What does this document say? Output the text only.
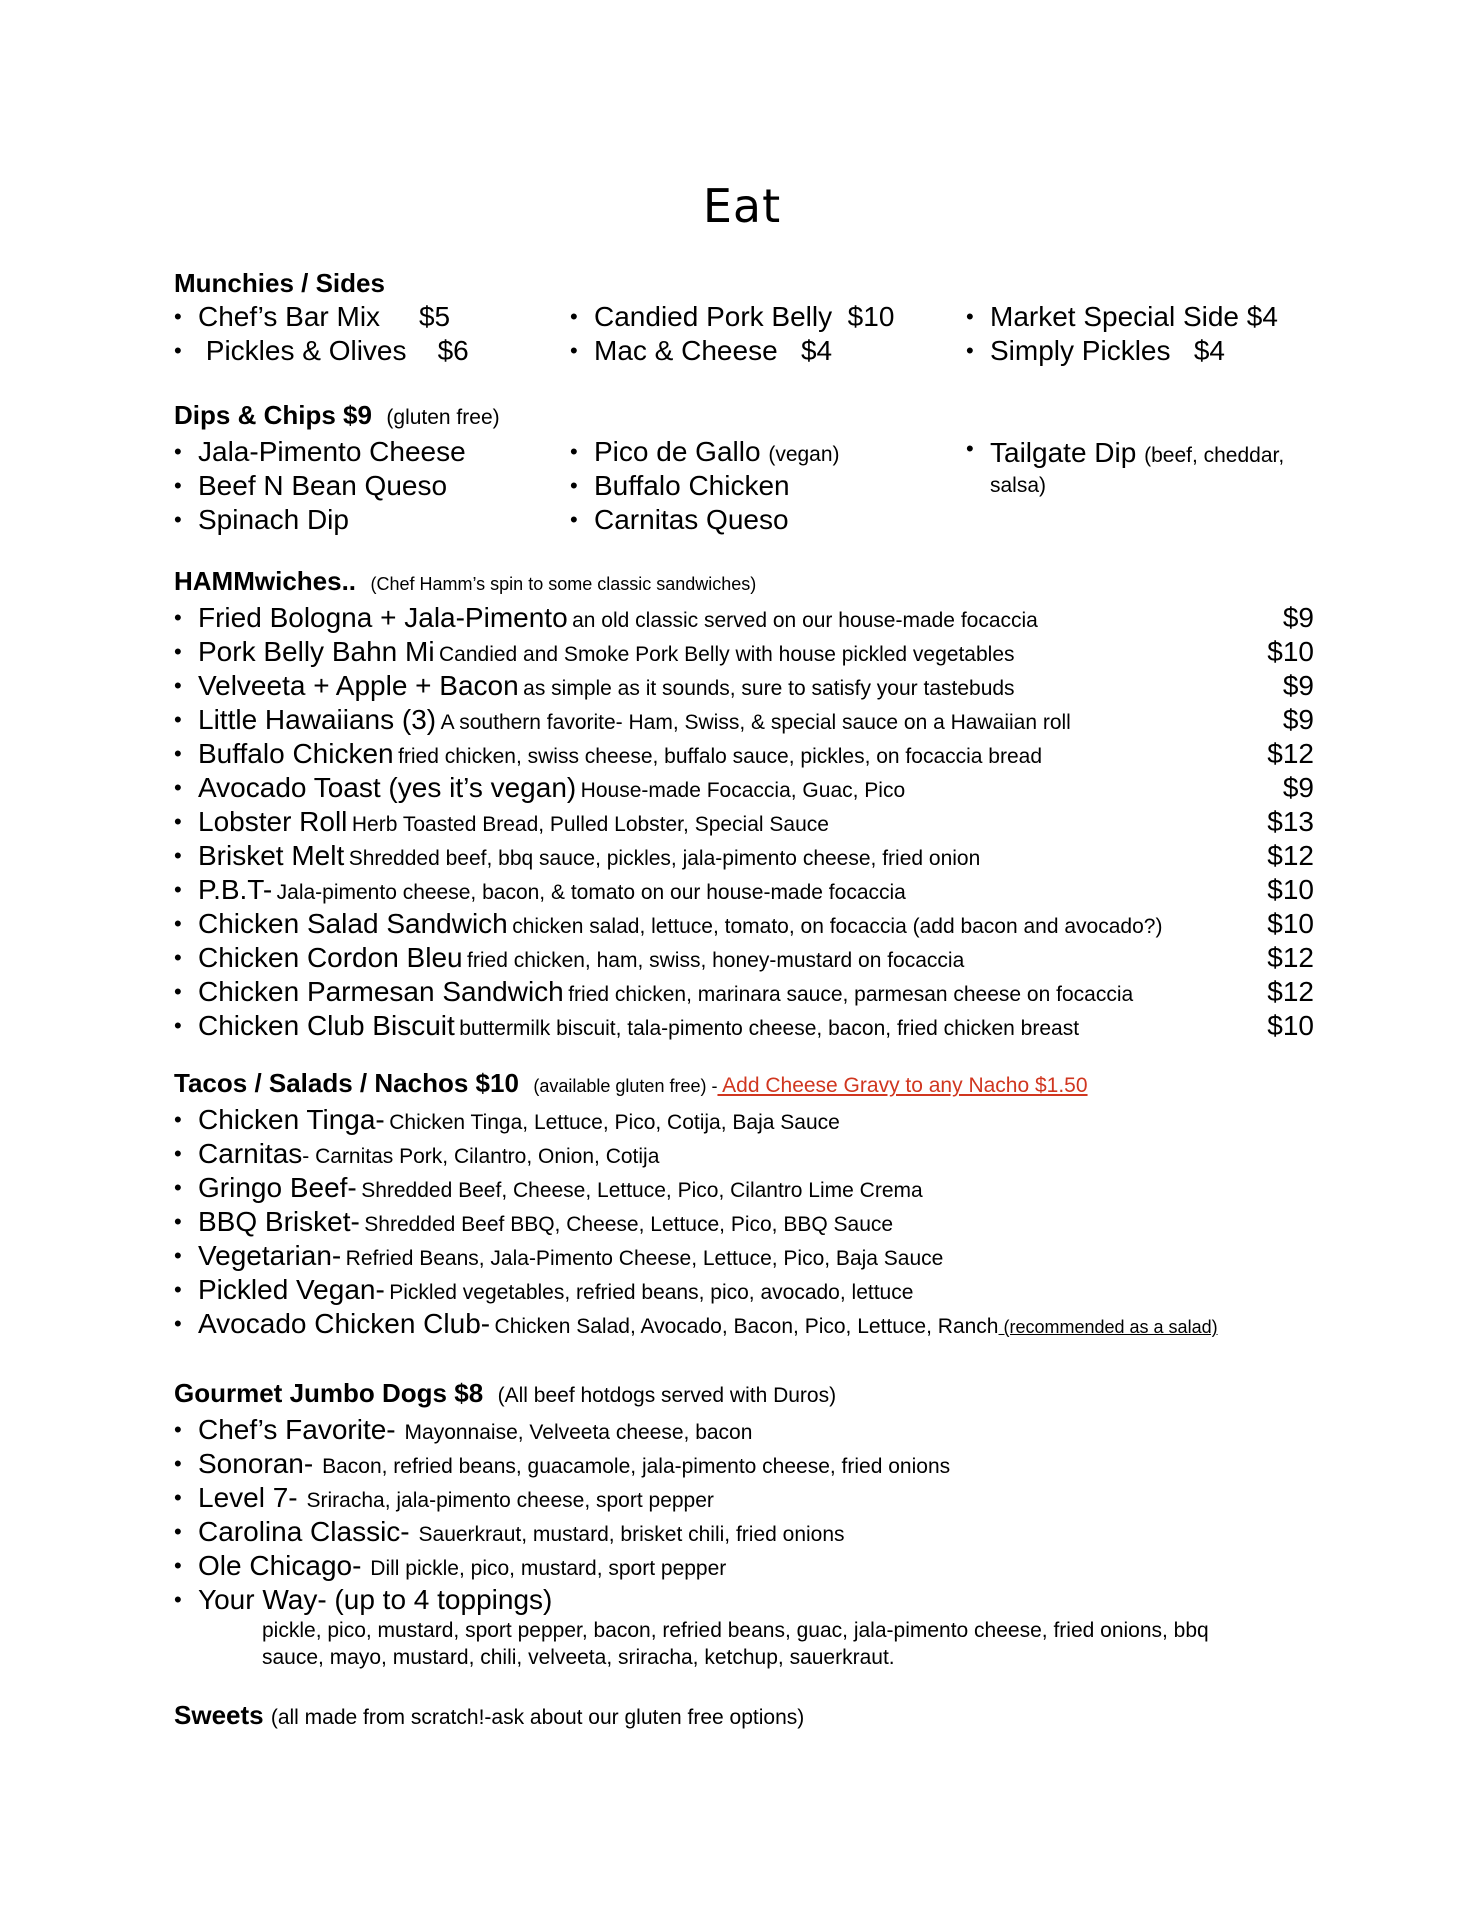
Eat
Munchies / Sides
• Chef’s Bar Mix     $5
•  Pickles & Olives    $6
• Candied Pork Belly  $10
• Mac & Cheese   $4
• Market Special Side $4
• Simply Pickles   $4
Dips & Chips $9 (gluten free)
• Jala-Pimento Cheese
• Beef N Bean Queso
• Spinach Dip
• Pico de Gallo (vegan)
• Buffalo Chicken
• Carnitas Queso
• Tailgate Dip (beef, cheddar, salsa)
HAMMwiches.. (Chef Hamm’s spin to some classic sandwiches)
• Fried Bologna + Jala-Pimento an old classic served on our house-made focaccia	$9
• Pork Belly Bahn Mi Candied and Smoke Pork Belly with house pickled vegetables	$10
• Velveeta + Apple + Bacon as simple as it sounds, sure to satisfy your tastebuds	$9
• Little Hawaiians (3) A southern favorite- Ham, Swiss, & special sauce on a Hawaiian roll	$9
• Buffalo Chicken fried chicken, swiss cheese, buffalo sauce, pickles, on focaccia bread	$12
• Avocado Toast (yes it’s vegan) House-made Focaccia, Guac, Pico	$9
• Lobster Roll Herb Toasted Bread, Pulled Lobster, Special Sauce	$13
• Brisket Melt Shredded beef, bbq sauce, pickles, jala-pimento cheese, fried onion	$12
• P.B.T- Jala-pimento cheese, bacon, & tomato on our house-made focaccia	$10
• Chicken Salad Sandwich chicken salad, lettuce, tomato, on focaccia (add bacon and avocado?)	$10
• Chicken Cordon Bleu fried chicken, ham, swiss, honey-mustard on focaccia	$12
• Chicken Parmesan Sandwich fried chicken, marinara sauce, parmesan cheese on focaccia	$12
• Chicken Club Biscuit buttermilk biscuit, tala-pimento cheese, bacon, fried chicken breast	$10
Tacos / Salads / Nachos $10 (available gluten free) - Add Cheese Gravy to any Nacho $1.50
• Chicken Tinga- Chicken Tinga, Lettuce, Pico, Cotija, Baja Sauce
• Carnitas- Carnitas Pork, Cilantro, Onion, Cotija
• Gringo Beef- Shredded Beef, Cheese, Lettuce, Pico, Cilantro Lime Crema
• BBQ Brisket- Shredded Beef BBQ, Cheese, Lettuce, Pico, BBQ Sauce
• Vegetarian- Refried Beans, Jala-Pimento Cheese, Lettuce, Pico, Baja Sauce
• Pickled Vegan- Pickled vegetables, refried beans, pico, avocado, lettuce
• Avocado Chicken Club- Chicken Salad, Avocado, Bacon, Pico, Lettuce, Ranch (recommended as a salad)
Gourmet Jumbo Dogs $8 (All beef hotdogs served with Duros)
• Chef’s Favorite- Mayonnaise, Velveeta cheese, bacon
• Sonoran- Bacon, refried beans, guacamole, jala-pimento cheese, fried onions
• Level 7- Sriracha, jala-pimento cheese, sport pepper
• Carolina Classic- Sauerkraut, mustard, brisket chili, fried onions
• Ole Chicago- Dill pickle, pico, mustard, sport pepper
• Your Way- (up to 4 toppings)
pickle, pico, mustard, sport pepper, bacon, refried beans, guac, jala-pimento cheese, fried onions, bbq sauce, mayo, mustard, chili, velveeta, sriracha, ketchup, sauerkraut.
Sweets (all made from scratch!-ask about our gluten free options)
